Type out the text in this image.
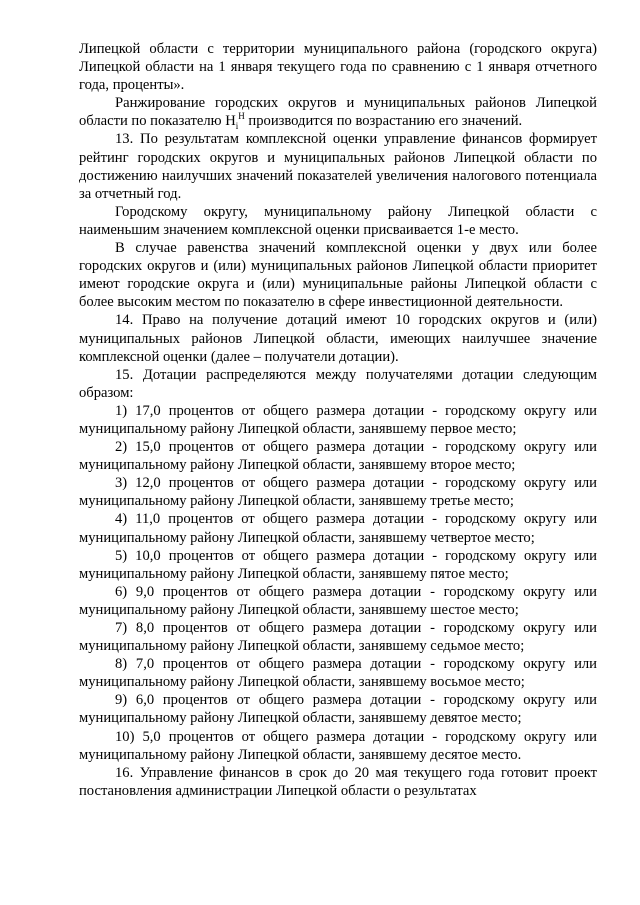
Липецкой области с территории муниципального района (городского округа) Липецкой области на 1 января текущего года по сравнению с 1 января отчетного года, проценты».

Ранжирование городских округов и муниципальных районов Липецкой области по показателю $Н_i^Н$ производится по возрастанию его значений.

13. По результатам комплексной оценки управление финансов формирует рейтинг городских округов и муниципальных районов Липецкой области по достижению наилучших значений показателей увеличения налогового потенциала за отчетный год.

Городскому округу, муниципальному району Липецкой области с наименьшим значением комплексной оценки присваивается 1-е место.

В случае равенства значений комплексной оценки у двух или более городских округов и (или) муниципальных районов Липецкой области приоритет имеют городские округа и (или) муниципальные районы Липецкой области с более высоким местом по показателю в сфере инвестиционной деятельности.

14. Право на получение дотаций имеют 10 городских округов и (или) муниципальных районов Липецкой области, имеющих наилучшее значение комплексной оценки (далее – получатели дотации).

15. Дотации распределяются между получателями дотации следующим образом:

1) 17,0 процентов от общего размера дотации - городскому округу или муниципальному району Липецкой области, занявшему первое место;

2) 15,0 процентов от общего размера дотации - городскому округу или муниципальному району Липецкой области, занявшему второе место;

3) 12,0 процентов от общего размера дотации - городскому округу или муниципальному району Липецкой области, занявшему третье место;

4) 11,0 процентов от общего размера дотации - городскому округу или муниципальному району Липецкой области, занявшему четвертое место;

5) 10,0 процентов от общего размера дотации - городскому округу или муниципальному району Липецкой области, занявшему пятое место;

6) 9,0 процентов от общего размера дотации - городскому округу или муниципальному району Липецкой области, занявшему шестое место;

7) 8,0 процентов от общего размера дотации - городскому округу или муниципальному району Липецкой области, занявшему седьмое место;

8) 7,0 процентов от общего размера дотации - городскому округу или муниципальному району Липецкой области, занявшему восьмое место;

9) 6,0 процентов от общего размера дотации - городскому округу или муниципальному району Липецкой области, занявшему девятое место;

10) 5,0 процентов от общего размера дотации - городскому округу или муниципальному району Липецкой области, занявшему десятое место.

16. Управление финансов в срок до 20 мая текущего года готовит проект постановления администрации Липецкой области о результатах
